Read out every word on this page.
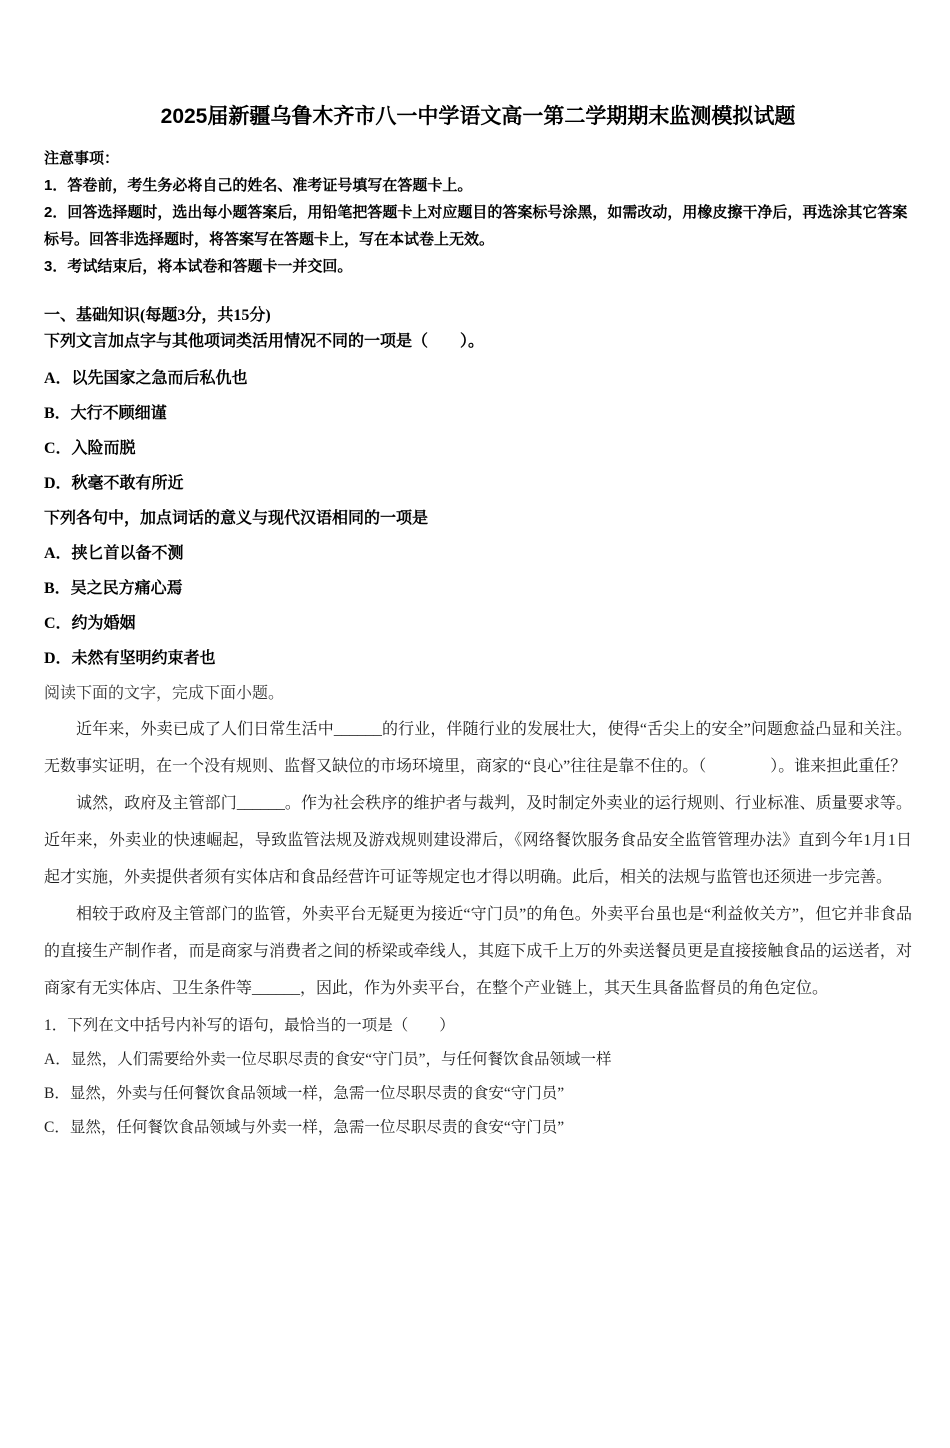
2025届新疆乌鲁木齐市八一中学语文高一第二学期期末监测模拟试题
注意事项：
1．答卷前，考生务必将自己的姓名、准考证号填写在答题卡上。
2．回答选择题时，选出每小题答案后，用铅笔把答题卡上对应题目的答案标号涂黑，如需改动，用橡皮擦干净后，再选涂其它答案标号。回答非选择题时，将答案写在答题卡上，写在本试卷上无效。
3．考试结束后，将本试卷和答题卡一并交回。
一、基础知识(每题3分，共15分)
下列文言加点字与其他项词类活用情况不同的一项是（　　）。
A．以先国家之急而后私仇也
B．大行不顾细谨
C．入险而脱
D．秋毫不敢有所近
下列各句中，加点词话的意义与现代汉语相同的一项是
A．挟匕首以备不测
B．吴之民方痛心焉
C．约为婚姻
D．未然有坚明约束者也
阅读下面的文字，完成下面小题。

近年来，外卖已成了人们日常生活中______的行业，伴随行业的发展壮大，使得“舌尖上的安全”问题愈益凸显和关注。无数事实证明，在一个没有规则、监督又缺位的市场环境里，商家的“良心”往往是靠不住的。（　　　　）。谁来担此重任？

诚然，政府及主管部门______。作为社会秩序的维护者与裁判，及时制定外卖业的运行规则、行业标准、质量要求等。近年来，外卖业的快速崛起，导致监管法规及游戏规则建设滞后，《网络餐饮服务食品安全监管管理办法》直到今年1月1日起才实施，外卖提供者须有实体店和食品经营许可证等规定也才得以明确。此后，相关的法规与监管也还须进一步完善。

相较于政府及主管部门的监管，外卖平台无疑更为接近“守门员”的角色。外卖平台虽也是“利益攸关方”，但它并非食品的直接生产制作者，而是商家与消费者之间的桥梁或牵线人，其庭下成千上万的外卖送餐员更是直接接触食品的运送者，对商家有无实体店、卫生条件等______，因此，作为外卖平台，在整个产业链上，其天生具备监督员的角色定位。

1．下列在文中括号内补写的语句，最恰当的一项是（　　）
A．显然，人们需要给外卖一位尽职尽责的食安“守门员”，与任何餐饮食品领域一样
B．显然，外卖与任何餐饮食品领域一样，急需一位尽职尽责的食安“守门员”
C．显然，任何餐饮食品领域与外卖一样，急需一位尽职尽责的食安“守门员”
